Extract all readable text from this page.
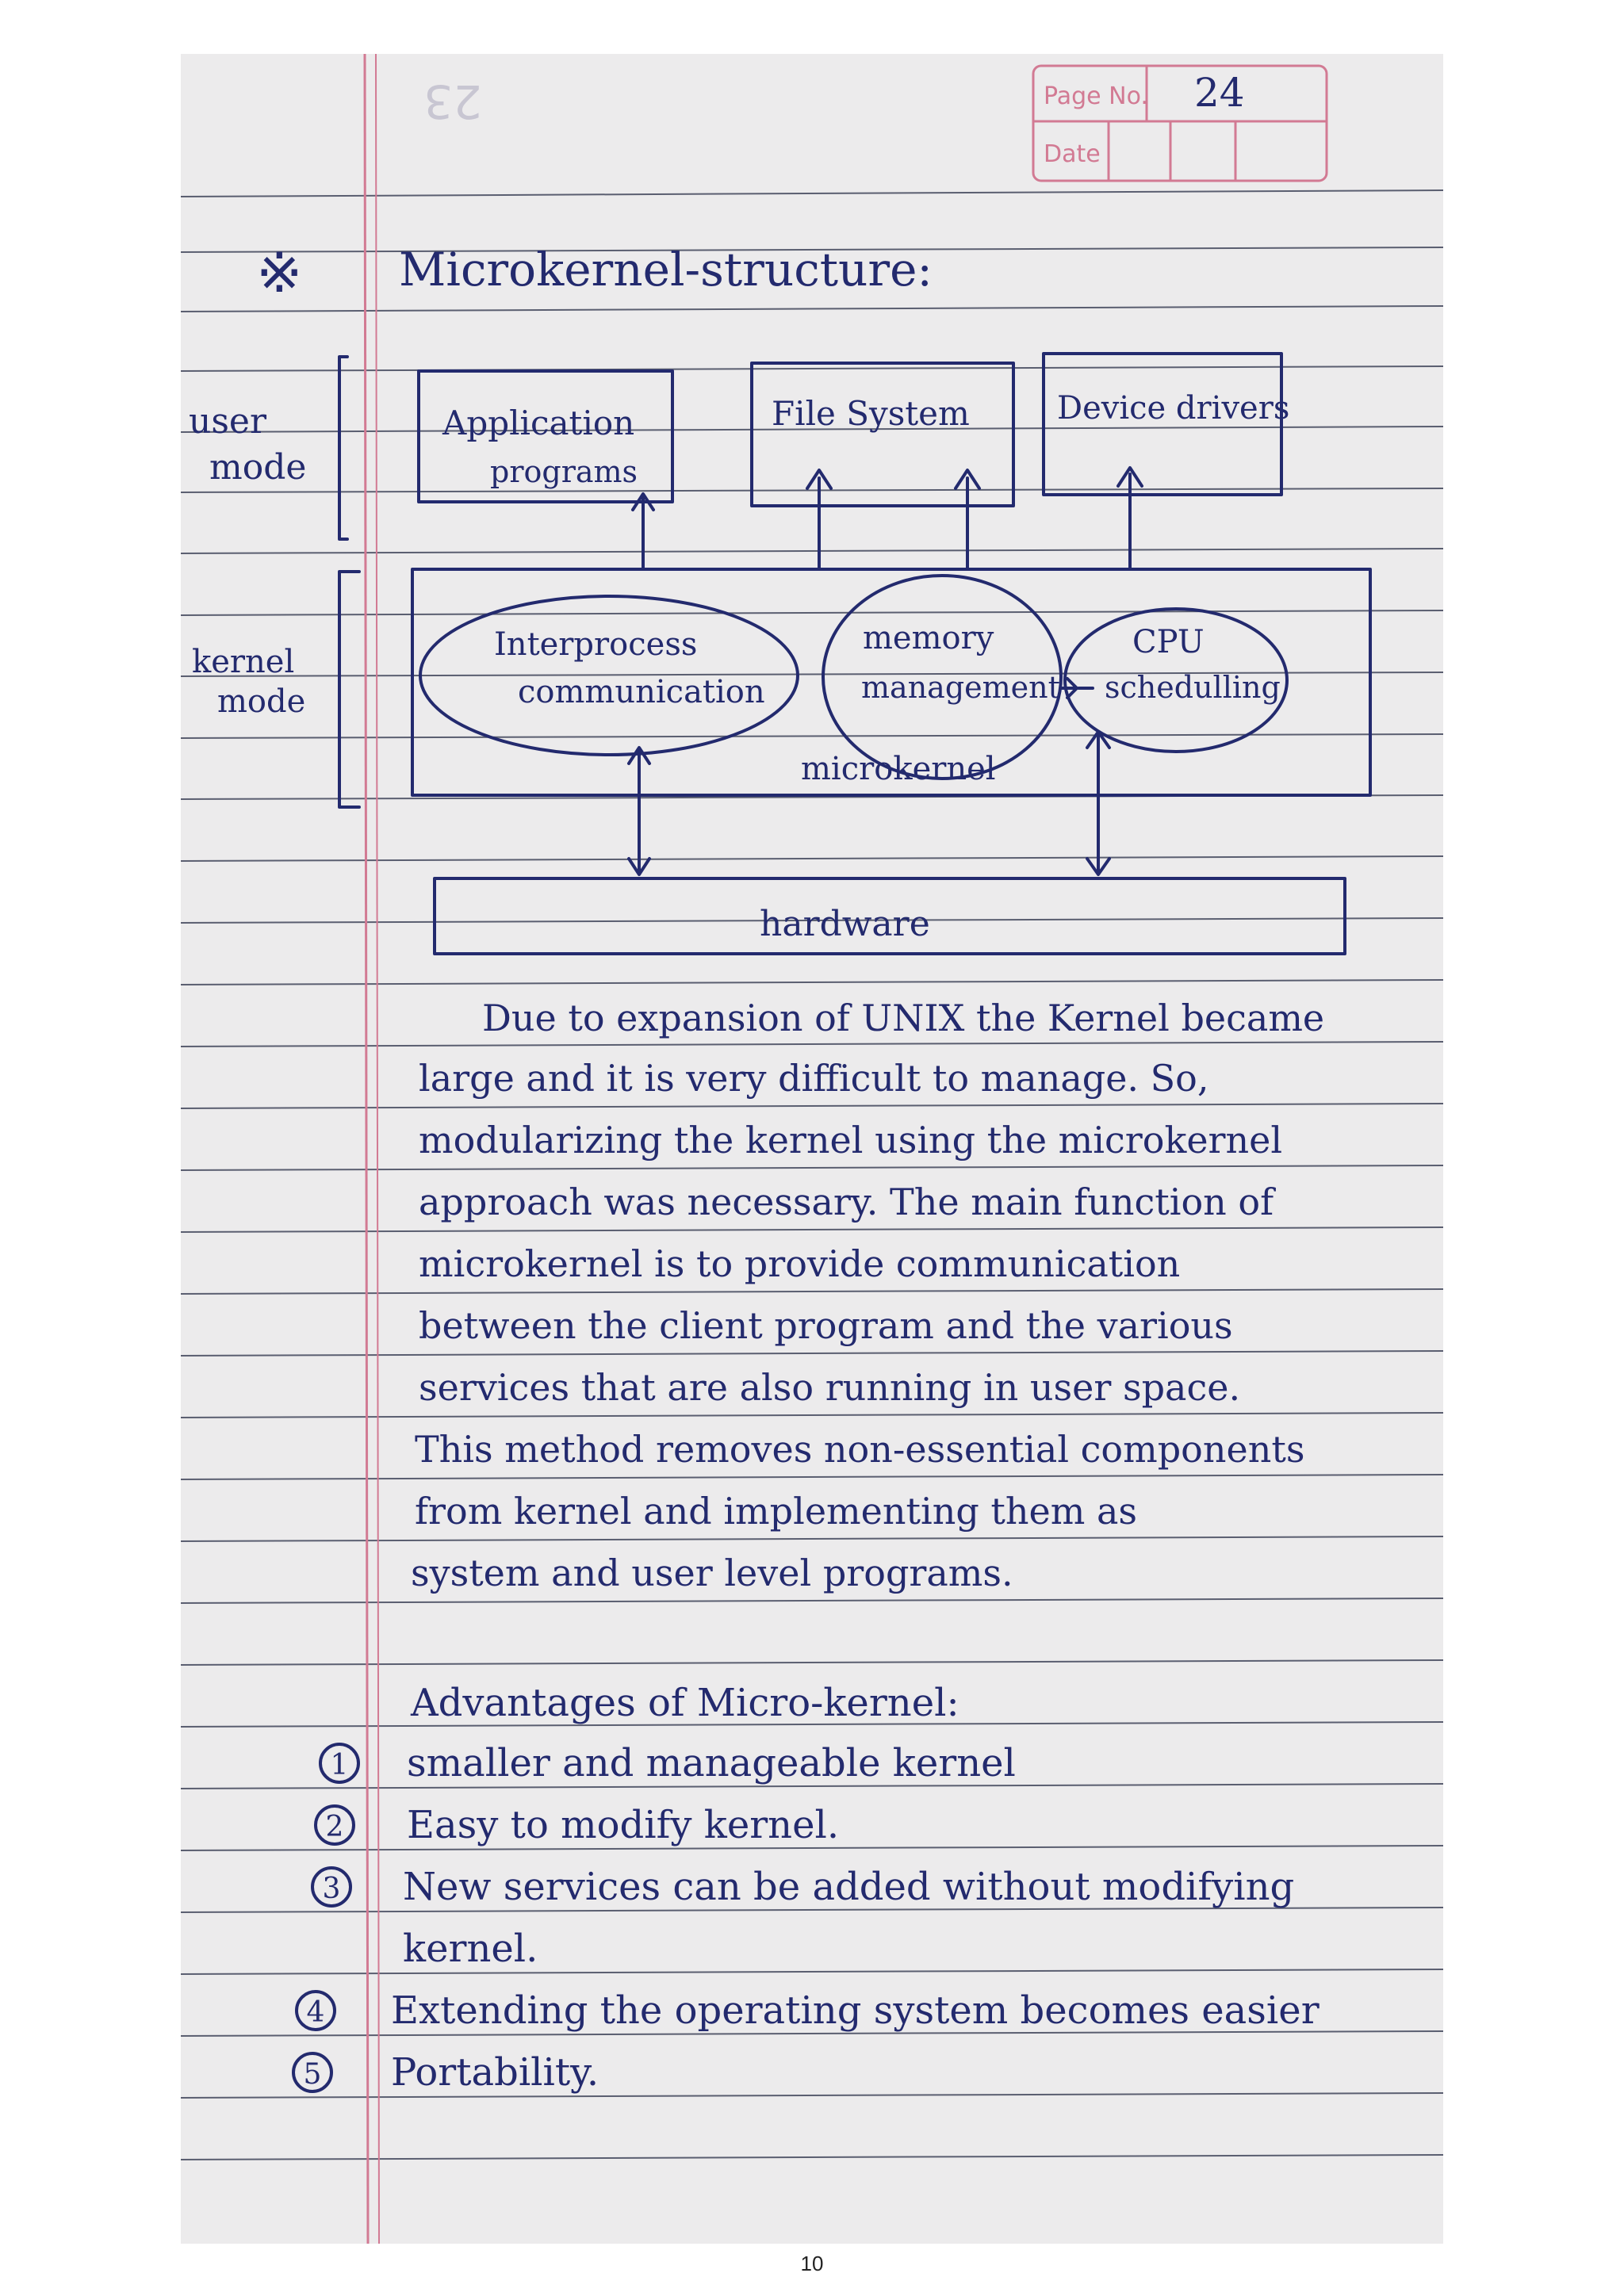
23	Page No.
Date
24
※ Microkernel-structure:
user
mode
kernel
mode
Application
programs
File System	Device drivers
Interprocess
communication
memory
management
CPU
schedulling
microkernel
hardware
Due to expansion of UNIX the Kernel became
large and it is very difficult to manage. So,
modularizing the kernel using the microkernel
approach was necessary. The main function of
microkernel is to provide communication
between the client program and the various
services that are also running in user space.
This method removes non-essential components
from kernel and implementing them as
system and user level programs.
Advantages of Micro-kernel:
1 smaller and manageable kernel
2 Easy to modify kernel.
3 New services can be added without modifying
kernel.
4 Extending the operating system becomes easier
5 Portability.
10
